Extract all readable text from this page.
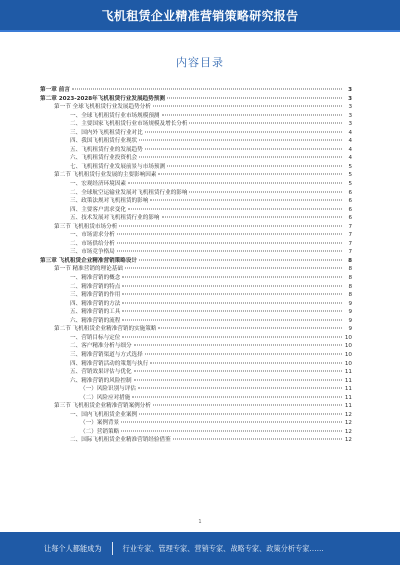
飞机租赁企业精准营销策略研究报告
内容目录
第一章 前言	3
第二章 2023-2028年飞机租赁行业发展趋势预测	3
第一节 全球飞机租赁行业发展趋势分析	3
一、全球飞机租赁行业市场规模预测	3
二、主要国家飞机租赁行业市场规模及增长分析	3
三、国内外飞机租赁行业对比	4
四、我国飞机租赁行业现状	4
五、飞机租赁行业的发展趋势	4
六、飞机租赁行业投资机会	4
七、飞机租赁行业发展前景与市场预测	5
第二节 飞机租赁行业发展的主要影响因素	5
一、宏观经济环境因素	5
二、全球航空运输业发展对飞机租赁行业的影响	6
三、政策法规对飞机租赁的影响	6
四、主要客户需求变化	6
五、技术发展对飞机租赁行业的影响	6
第三节 飞机租赁市场分析	7
一、市场需求分析	7
二、市场供给分析	7
三、市场竞争格局	7
第三章 飞机租赁企业精准营销策略设计	8
第一节 精准营销的理论基础	8
一、精准营销的概念	8
二、精准营销的特点	8
三、精准营销的作用	8
四、精准营销的方法	9
五、精准营销的工具	9
六、精准营销的流程	9
第二节 飞机租赁企业精准营销的实施策略	9
一、营销目标与定位	10
二、客户精准分析与细分	10
三、精准营销渠道与方式选择	10
四、精准营销活动的策划与执行	10
五、营销效果评估与优化	11
六、精准营销的风险控制	11
（一）风险识别与评估	11
（二）风险应对措施	11
第三节 飞机租赁企业精准营销案例分析	11
一、国内飞机租赁企业案例	12
（一）案例背景	12
（二）营销策略	12
二、国际飞机租赁企业精准营销经验借鉴	12
1
让每个人都能成为	行业专家、管理专家、营销专家、战略专家、政策分析专家……
